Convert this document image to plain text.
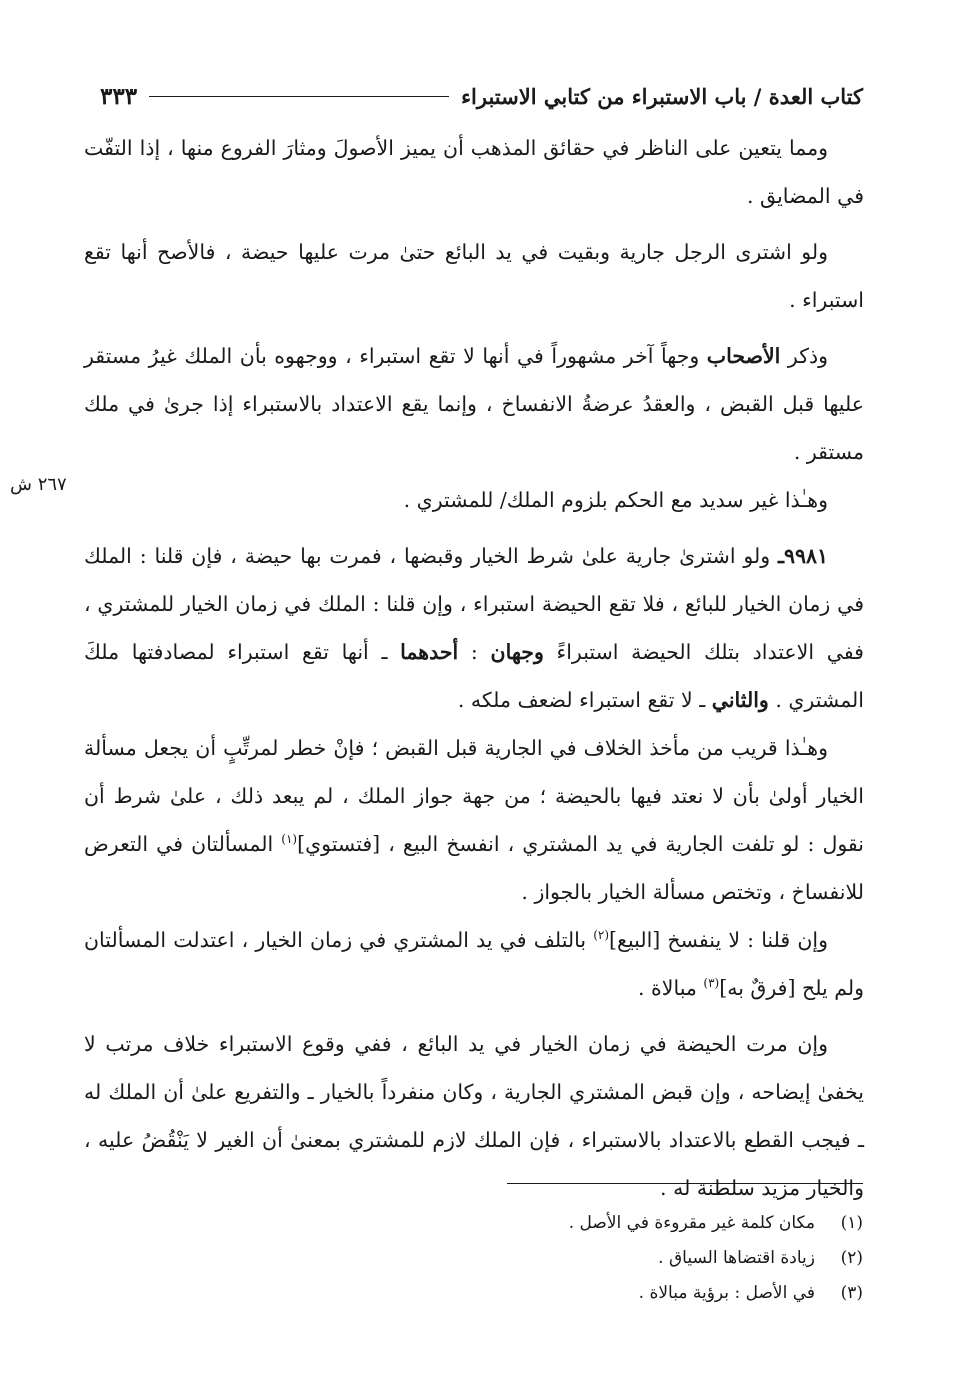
كتاب العدة / باب الاستبراء من كتابي الاستبراء
٣٣٣
٢٦٧ ش

ومما يتعين على الناظر في حقائق المذهب أن يميز الأصولَ ومثارَ الفروع منها ، إذا التفّت في المضايق .

ولو اشترى الرجل جارية وبقيت في يد البائع حتىٰ مرت عليها حيضة ، فالأصح أنها تقع استبراء .

وذكر الأصحاب وجهاً آخر مشهوراً في أنها لا تقع استبراء ، ووجهوه بأن الملك غيرُ مستقر عليها قبل القبض ، والعقدُ عرضةُ الانفساخ ، وإنما يقع الاعتداد بالاستبراء إذا جرىٰ في ملك مستقر .

وهـٰذا غير سديد مع الحكم بلزوم الملك/ للمشتري .

٩٩٨١ـ ولو اشترىٰ جارية علىٰ شرط الخيار وقبضها ، فمرت بها حيضة ، فإن قلنا : الملك في زمان الخيار للبائع ، فلا تقع الحيضة استبراء ، وإن قلنا : الملك في زمان الخيار للمشتري ، ففي الاعتداد بتلك الحيضة استبراءً وجهان : أحدهما ـ أنها تقع استبراء لمصادفتها ملكَ المشتري . والثاني ـ لا تقع استبراء لضعف ملكه .

وهـٰذا قريب من مأخذ الخلاف في الجارية قبل القبض ؛ فإنْ خطر لمرتِّبٍ أن يجعل مسألة الخيار أولىٰ بأن لا نعتد فيها بالحيضة ؛ من جهة جواز الملك ، لم يبعد ذلك ، علىٰ شرط أن نقول : لو تلفت الجارية في يد المشتري ، انفسخ البيع ، [فتستوي]$^{(١)}$ المسألتان في التعرض للانفساخ ، وتختص مسألة الخيار بالجواز .

وإن قلنا : لا ينفسخ [البيع]$^{(٢)}$ بالتلف في يد المشتري في زمان الخيار ، اعتدلت المسألتان ولم يلح [فرقٌ به]$^{(٣)}$ مبالاة .

وإن مرت الحيضة في زمان الخيار في يد البائع ، ففي وقوع الاستبراء خلاف مرتب لا يخفىٰ إيضاحه ، وإن قبض المشتري الجارية ، وكان منفرداً بالخيار ـ والتفريع علىٰ أن الملك له ـ فيجب القطع بالاعتداد بالاستبراء ، فإن الملك لازم للمشتري بمعنىٰ أن الغير لا يَنْقُضُ عليه ، والخيار مزيد سلطنة له .

(١)
مكان كلمة غير مقروءة في الأصل .
(٢)
زيادة اقتضاها السياق .
(٣)
في الأصل : برؤية مبالاة .
